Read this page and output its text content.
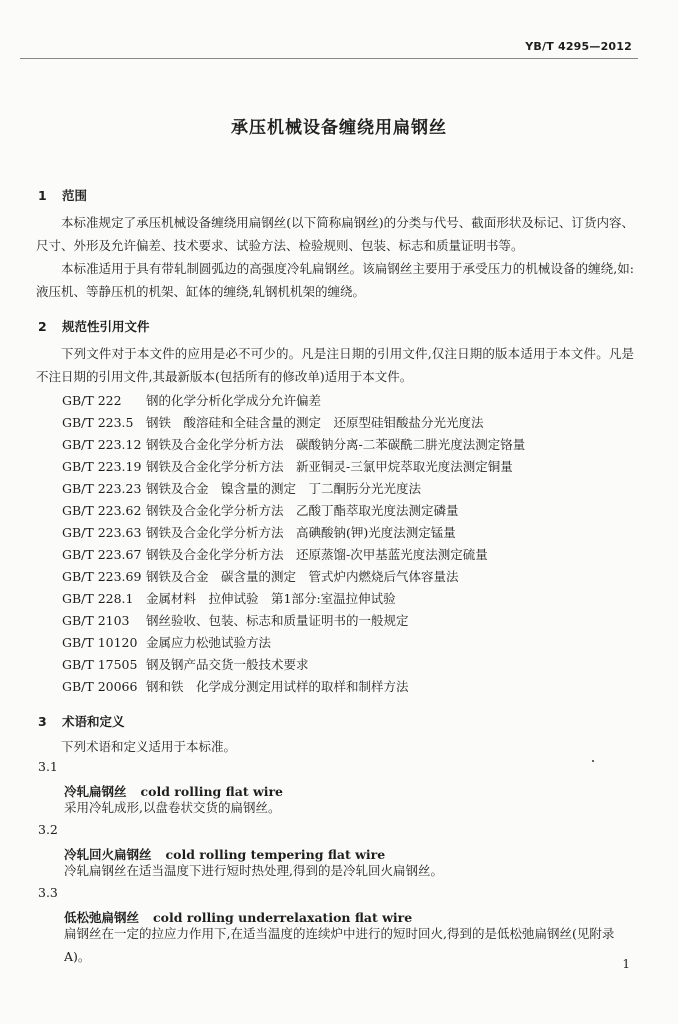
YB/T 4295—2012
承压机械设备缠绕用扁钢丝
1 范围
本标准规定了承压机械设备缠绕用扁钢丝(以下简称扁钢丝)的分类与代号、截面形状及标记、订货内容、尺寸、外形及允许偏差、技术要求、试验方法、检验规则、包装、标志和质量证明书等。
本标准适用于具有带轧制圆弧边的高强度冷轧扁钢丝。该扁钢丝主要用于承受压力的机械设备的缠绕,如:液压机、等静压机的机架、缸体的缠绕,轧钢机机架的缠绕。
2 规范性引用文件
下列文件对于本文件的应用是必不可少的。凡是注日期的引用文件,仅注日期的版本适用于本文件。凡是不注日期的引用文件,其最新版本(包括所有的修改单)适用于本文件。
GB/T 222 钢的化学分析化学成分允许偏差
GB/T 223.5 钢铁　酸溶硅和全硅含量的测定　还原型硅钼酸盐分光光度法
GB/T 223.12 钢铁及合金化学分析方法　碳酸钠分离-二苯碳酰二肼光度法测定铬量
GB/T 223.19 钢铁及合金化学分析方法　新亚铜灵-三氯甲烷萃取光度法测定铜量
GB/T 223.23 钢铁及合金　镍含量的测定　丁二酮肟分光光度法
GB/T 223.62 钢铁及合金化学分析方法　乙酸丁酯萃取光度法测定磷量
GB/T 223.63 钢铁及合金化学分析方法　高碘酸钠(钾)光度法测定锰量
GB/T 223.67 钢铁及合金化学分析方法　还原蒸馏-次甲基蓝光度法测定硫量
GB/T 223.69 钢铁及合金　碳含量的测定　管式炉内燃烧后气体容量法
GB/T 228.1 金属材料　拉伸试验　第1部分:室温拉伸试验
GB/T 2103 钢丝验收、包装、标志和质量证明书的一般规定
GB/T 10120 金属应力松弛试验方法
GB/T 17505 钢及钢产品交货一般技术要求
GB/T 20066 钢和铁　化学成分测定用试样的取样和制样方法
3 术语和定义
下列术语和定义适用于本标准。
3.1
冷轧扁钢丝 cold rolling flat wire
采用冷轧成形,以盘卷状交货的扁钢丝。
3.2
冷轧回火扁钢丝 cold rolling tempering flat wire
冷轧扁钢丝在适当温度下进行短时热处理,得到的是冷轧回火扁钢丝。
3.3
低松弛扁钢丝 cold rolling underrelaxation flat wire
扁钢丝在一定的拉应力作用下,在适当温度的连续炉中进行的短时回火,得到的是低松弛扁钢丝(见附录A)。	1
